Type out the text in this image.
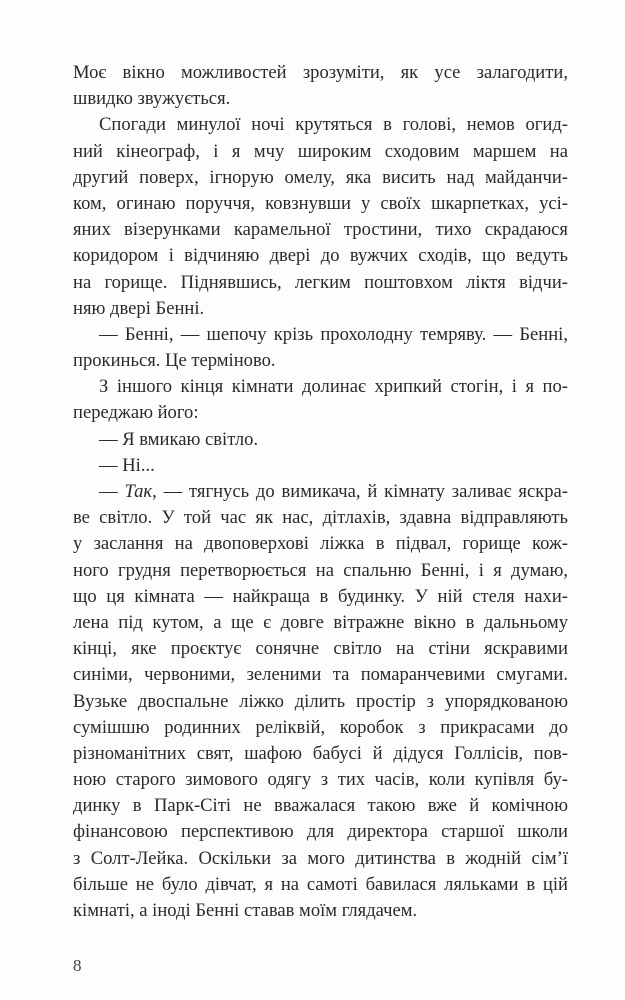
Моє вікно можливостей зрозуміти, як усе залагодити,
швидко звужується.
Спогади минулої ночі крутяться в голові, немов огид-
ний кінеограф, і я мчу широким сходовим маршем на
другий поверх, ігнорую омелу, яка висить над майданчи-
ком, огинаю поруччя, ковзнувши у своїх шкарпетках, усі-
яних візерунками карамельної тростини, тихо скрадаюся
коридором і відчиняю двері до вужчих сходів, що ведуть
на горище. Піднявшись, легким поштовхом ліктя відчи-
няю двері Бенні.
— Бенні, — шепочу крізь прохолодну темряву. — Бенні,
прокинься. Це терміново.
З іншого кінця кімнати долинає хрипкий стогін, і я по-
переджаю його:
— Я вмикаю світло.
— Ні...
— Так, — тягнусь до вимикача, й кімнату заливає яскра-
ве світло. У той час як нас, дітлахів, здавна відправляють
у заслання на двоповерхові ліжка в підвал, горище кож-
ного грудня перетворюється на спальню Бенні, і я думаю,
що ця кімната — найкраща в будинку. У ній стеля нахи-
лена під кутом, а ще є довге вітражне вікно в дальньому
кінці, яке проєктує сонячне світло на стіни яскравими
синіми, червоними, зеленими та помаранчевими смугами.
Вузьке двоспальне ліжко ділить простір з упорядкованою
сумішшю родинних реліквій, коробок з прикрасами до
різноманітних свят, шафою бабусі й дідуся Голлісів, пов-
ною старого зимового одягу з тих часів, коли купівля бу-
динку в Парк-Сіті не вважалася такою вже й комічною
фінансовою перспективою для директора старшої школи
з Солт-Лейка. Оскільки за мого дитинства в жодній сім’ї
більше не було дівчат, я на самоті бавилася ляльками в цій
кімнаті, а іноді Бенні ставав моїм глядачем.
8
